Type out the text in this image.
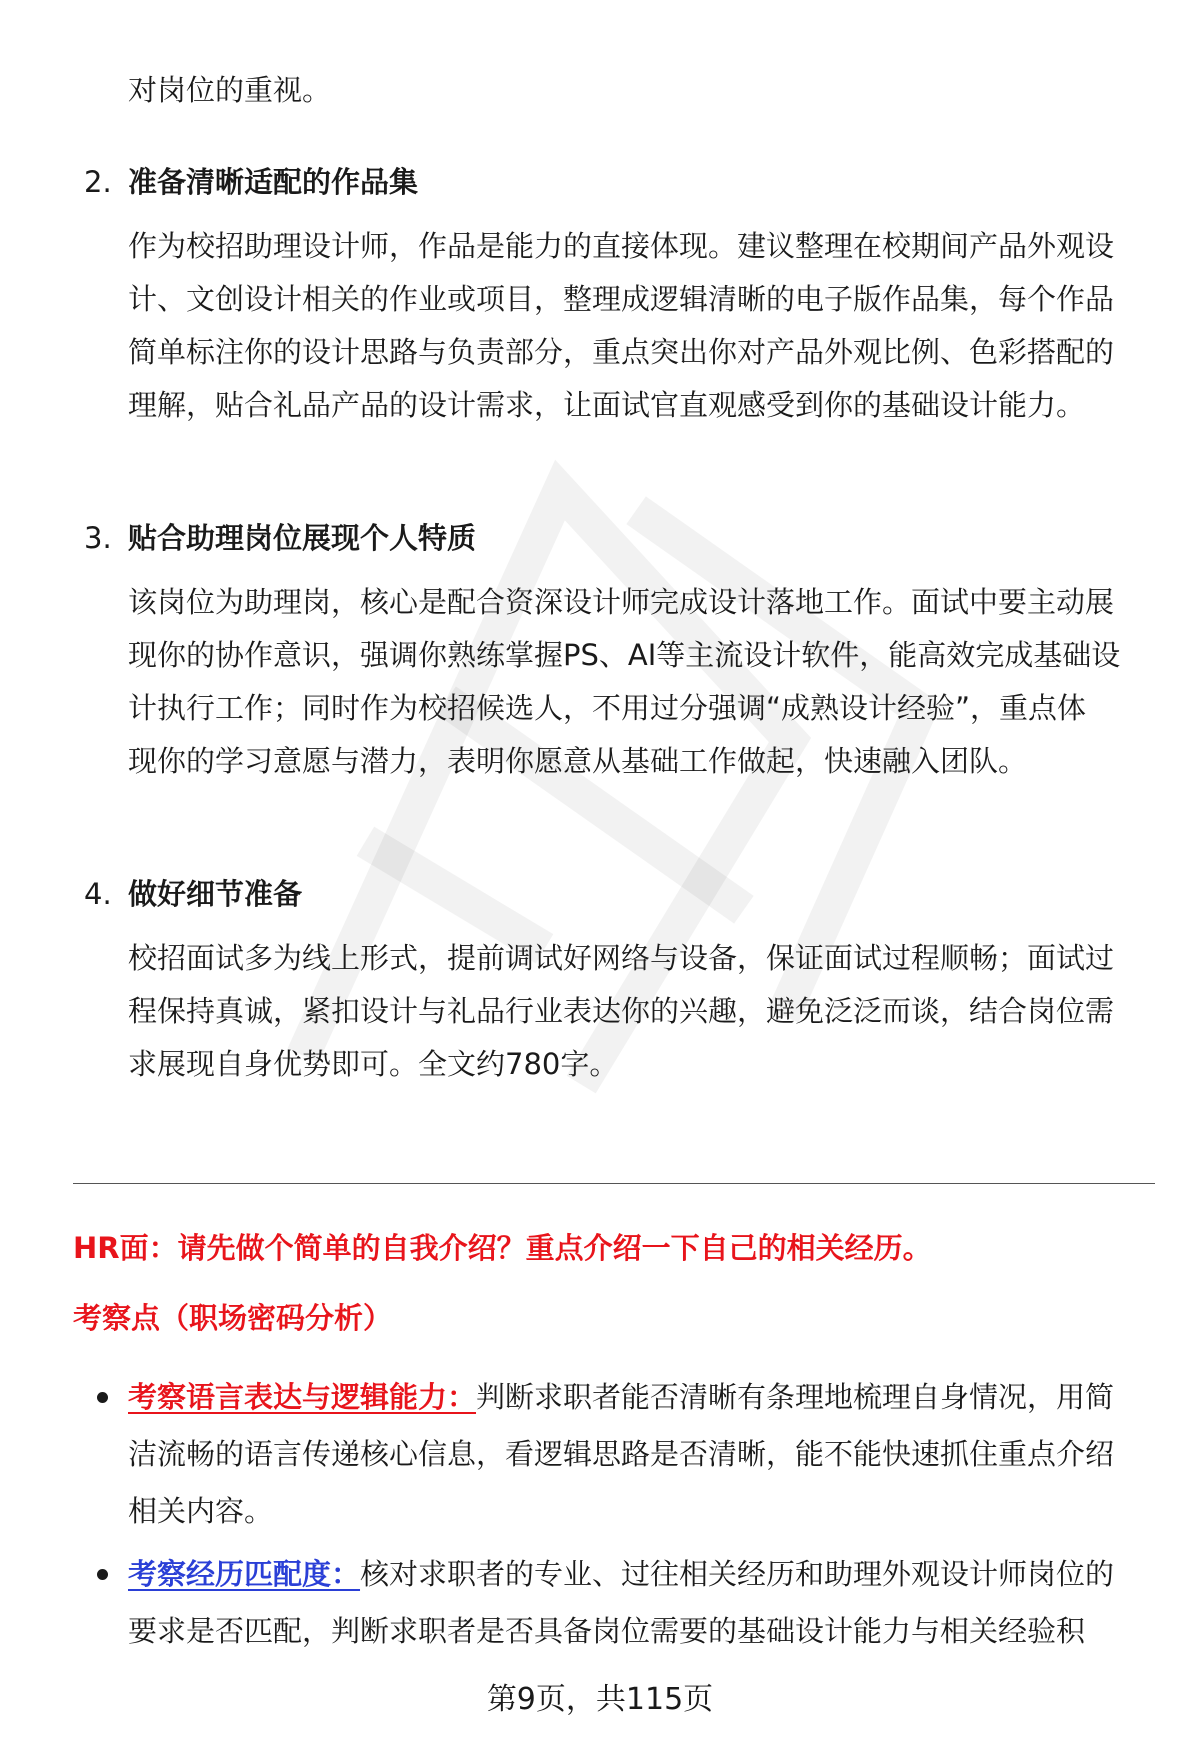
对岗位的重视。
2. 准备清晰适配的作品集
作为校招助理设计师，作品是能力的直接体现。建议整理在校期间产品外观设
计、文创设计相关的作业或项目，整理成逻辑清晰的电子版作品集，每个作品
简单标注你的设计思路与负责部分，重点突出你对产品外观比例、色彩搭配的
理解，贴合礼品产品的设计需求，让面试官直观感受到你的基础设计能力。
3. 贴合助理岗位展现个人特质
该岗位为助理岗，核心是配合资深设计师完成设计落地工作。面试中要主动展
现你的协作意识，强调你熟练掌握PS、AI等主流设计软件，能高效完成基础设
计执行工作；同时作为校招候选人，不用过分强调“成熟设计经验”，重点体
现你的学习意愿与潜力，表明你愿意从基础工作做起，快速融入团队。
4. 做好细节准备
校招面试多为线上形式，提前调试好网络与设备，保证面试过程顺畅；面试过
程保持真诚，紧扣设计与礼品行业表达你的兴趣，避免泛泛而谈，结合岗位需
求展现自身优势即可。全文约780字。
HR面：请先做个简单的自我介绍？重点介绍一下自己的相关经历。
考察点（职场密码分析）
考察语言表达与逻辑能力：判断求职者能否清晰有条理地梳理自身情况，用简
洁流畅的语言传递核心信息，看逻辑思路是否清晰，能不能快速抓住重点介绍
相关内容。
考察经历匹配度：核对求职者的专业、过往相关经历和助理外观设计师岗位的
要求是否匹配，判断求职者是否具备岗位需要的基础设计能力与相关经验积
第9页，共115页
